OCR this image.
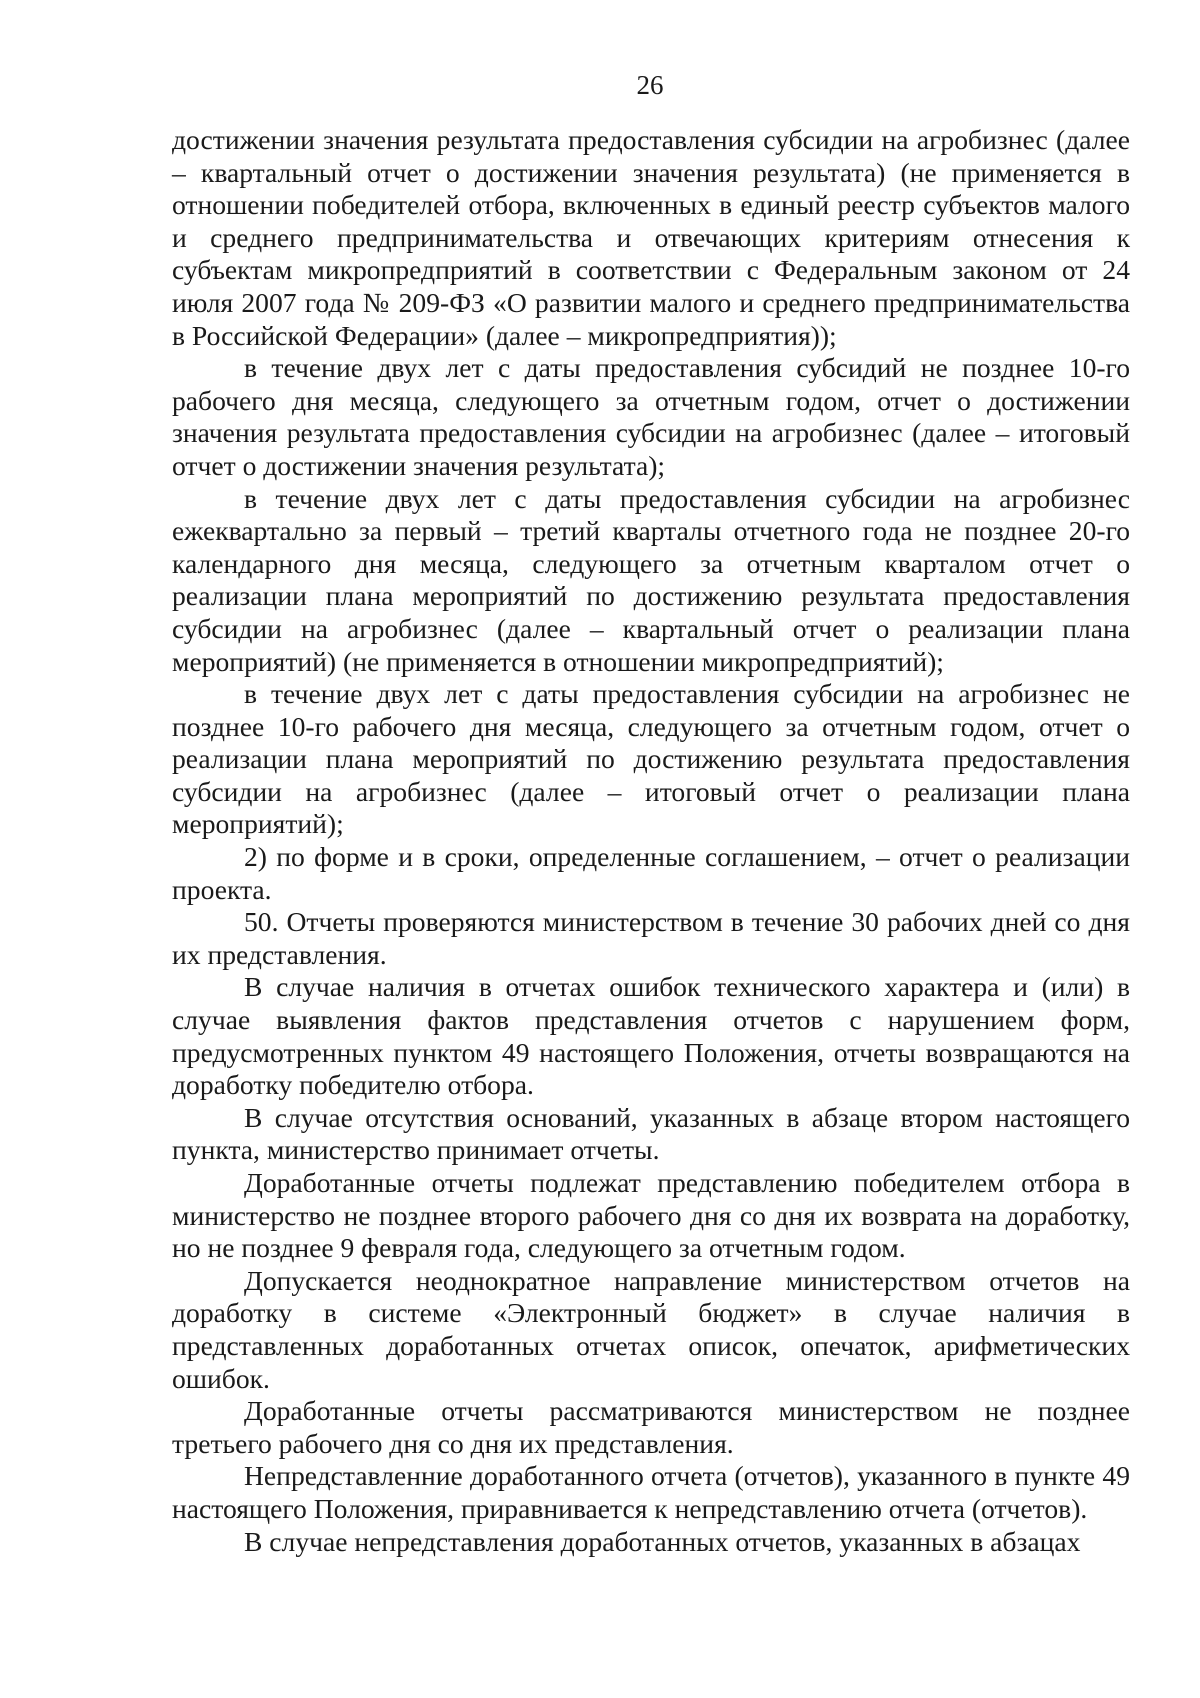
26

достижении значения результата предоставления субсидии на агробизнес (далее – квартальный отчет о достижении значения результата) (не применяется в отношении победителей отбора, включенных в единый реестр субъектов малого и среднего предпринимательства и отвечающих критериям отнесения к субъектам микропредприятий в соответствии с Федеральным законом от 24 июля 2007 года № 209-ФЗ «О развитии малого и среднего предпринимательства в Российской Федерации» (далее – микропредприятия));

в течение двух лет с даты предоставления субсидий не позднее 10-го рабочего дня месяца, следующего за отчетным годом, отчет о достижении значения результата предоставления субсидии на агробизнес (далее – итоговый отчет о достижении значения результата);

в течение двух лет с даты предоставления субсидии на агробизнес ежеквартально за первый – третий кварталы отчетного года не позднее 20-го календарного дня месяца, следующего за отчетным кварталом отчет о реализации плана мероприятий по достижению результата предоставления субсидии на агробизнес (далее – квартальный отчет о реализации плана мероприятий) (не применяется в отношении микропредприятий);

в течение двух лет с даты предоставления субсидии на агробизнес не позднее 10-го рабочего дня месяца, следующего за отчетным годом, отчет о реализации плана мероприятий по достижению результата предоставления субсидии на агробизнес (далее – итоговый отчет о реализации плана мероприятий);

2) по форме и в сроки, определенные соглашением, – отчет о реализации проекта.

50. Отчеты проверяются министерством в течение 30 рабочих дней со дня их представления.

В случае наличия в отчетах ошибок технического характера и (или) в случае выявления фактов представления отчетов с нарушением форм, предусмотренных пунктом 49 настоящего Положения, отчеты возвращаются на доработку победителю отбора.

В случае отсутствия оснований, указанных в абзаце втором настоящего пункта, министерство принимает отчеты.

Доработанные отчеты подлежат представлению победителем отбора в министерство не позднее второго рабочего дня со дня их возврата на доработку, но не позднее 9 февраля года, следующего за отчетным годом.

Допускается неоднократное направление министерством отчетов на доработку в системе «Электронный бюджет» в случае наличия в представленных доработанных отчетах описок, опечаток, арифметических ошибок.

Доработанные отчеты рассматриваются министерством не позднее третьего рабочего дня со дня их представления.

Непредставленние доработанного отчета (отчетов), указанного в пункте 49 настоящего Положения, приравнивается к непредставлению отчета (отчетов).

В случае непредставления доработанных отчетов, указанных в абзацах
